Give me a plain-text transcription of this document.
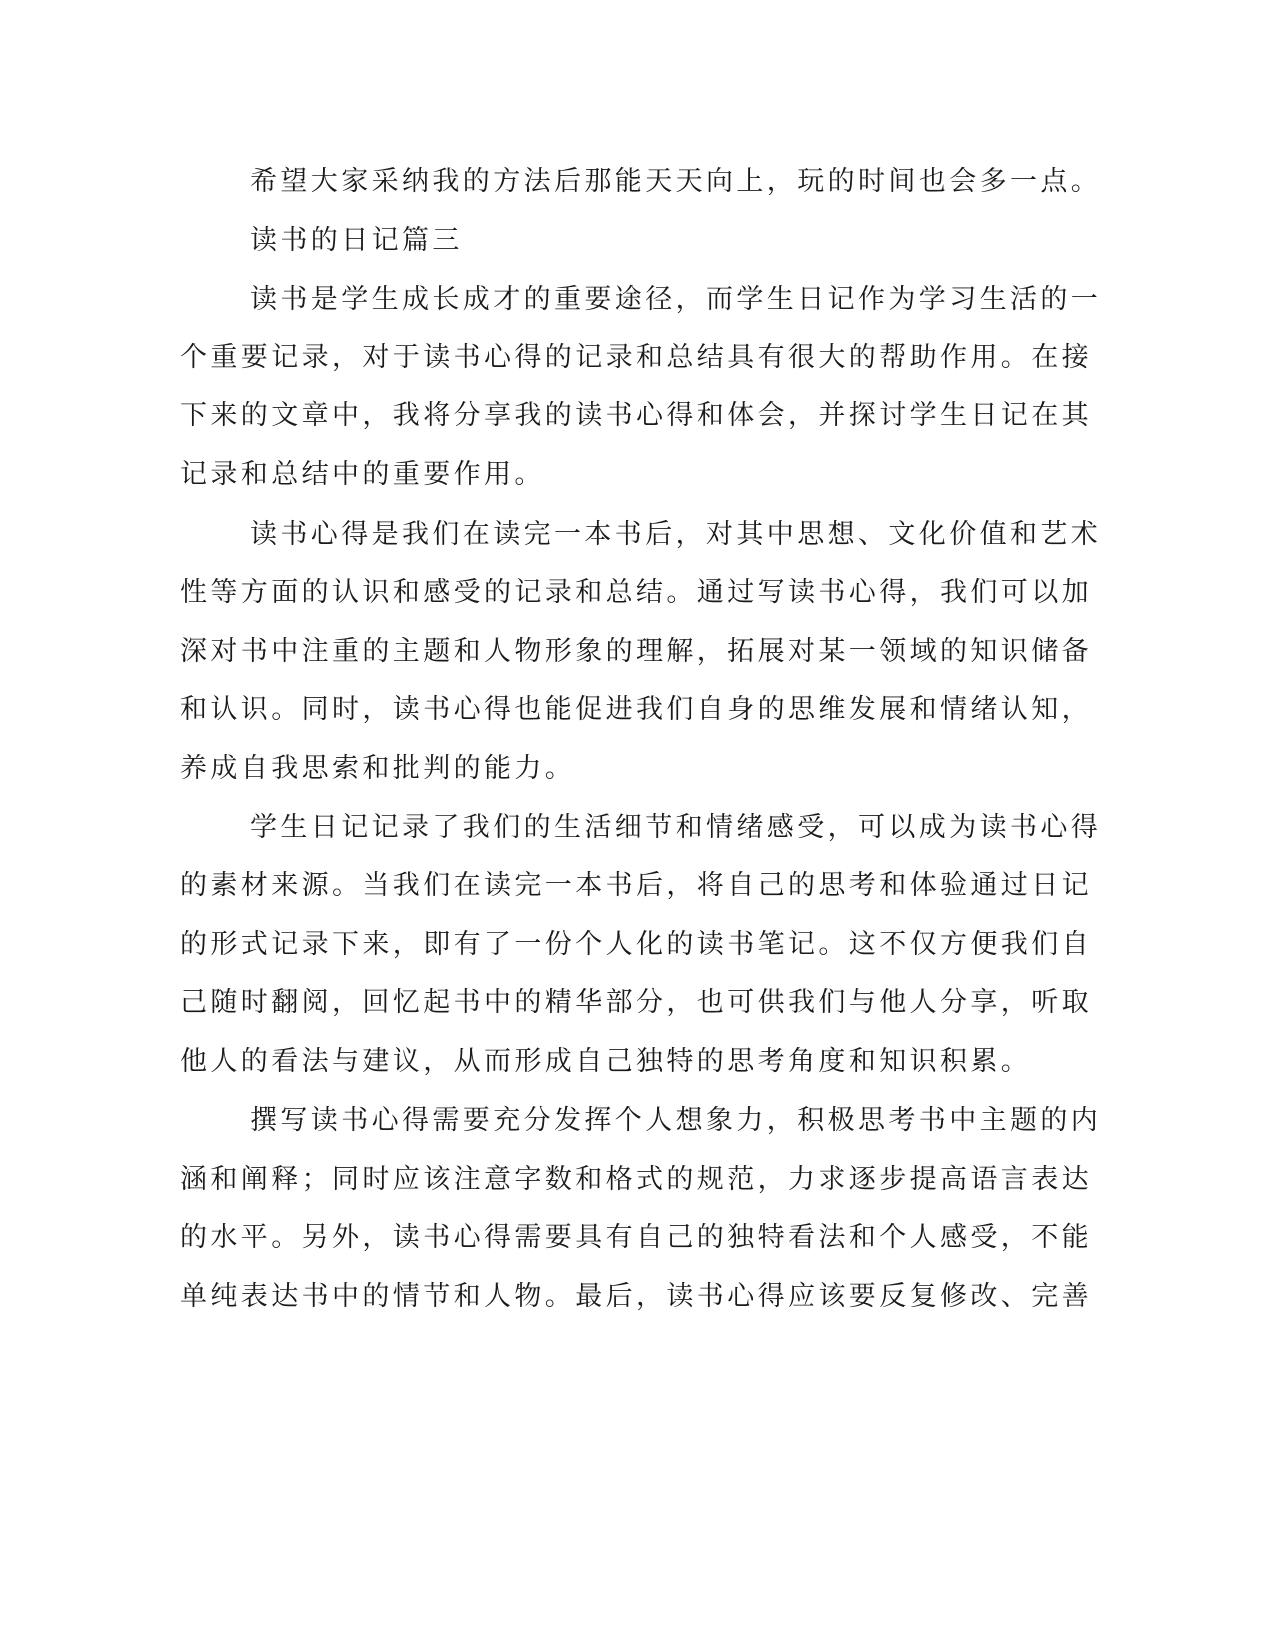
希望大家采纳我的方法后那能天天向上，玩的时间也会多一点。
读书的日记篇三
读书是学生成长成才的重要途径，而学生日记作为学习生活的一
个重要记录，对于读书心得的记录和总结具有很大的帮助作用。在接
下来的文章中，我将分享我的读书心得和体会，并探讨学生日记在其
记录和总结中的重要作用。
读书心得是我们在读完一本书后，对其中思想、文化价值和艺术
性等方面的认识和感受的记录和总结。通过写读书心得，我们可以加
深对书中注重的主题和人物形象的理解，拓展对某一领域的知识储备
和认识。同时，读书心得也能促进我们自身的思维发展和情绪认知，
养成自我思索和批判的能力。
学生日记记录了我们的生活细节和情绪感受，可以成为读书心得
的素材来源。当我们在读完一本书后，将自己的思考和体验通过日记
的形式记录下来，即有了一份个人化的读书笔记。这不仅方便我们自
己随时翻阅，回忆起书中的精华部分，也可供我们与他人分享，听取
他人的看法与建议，从而形成自己独特的思考角度和知识积累。
撰写读书心得需要充分发挥个人想象力，积极思考书中主题的内
涵和阐释；同时应该注意字数和格式的规范，力求逐步提高语言表达
的水平。另外，读书心得需要具有自己的独特看法和个人感受，不能
单纯表达书中的情节和人物。最后，读书心得应该要反复修改、完善
